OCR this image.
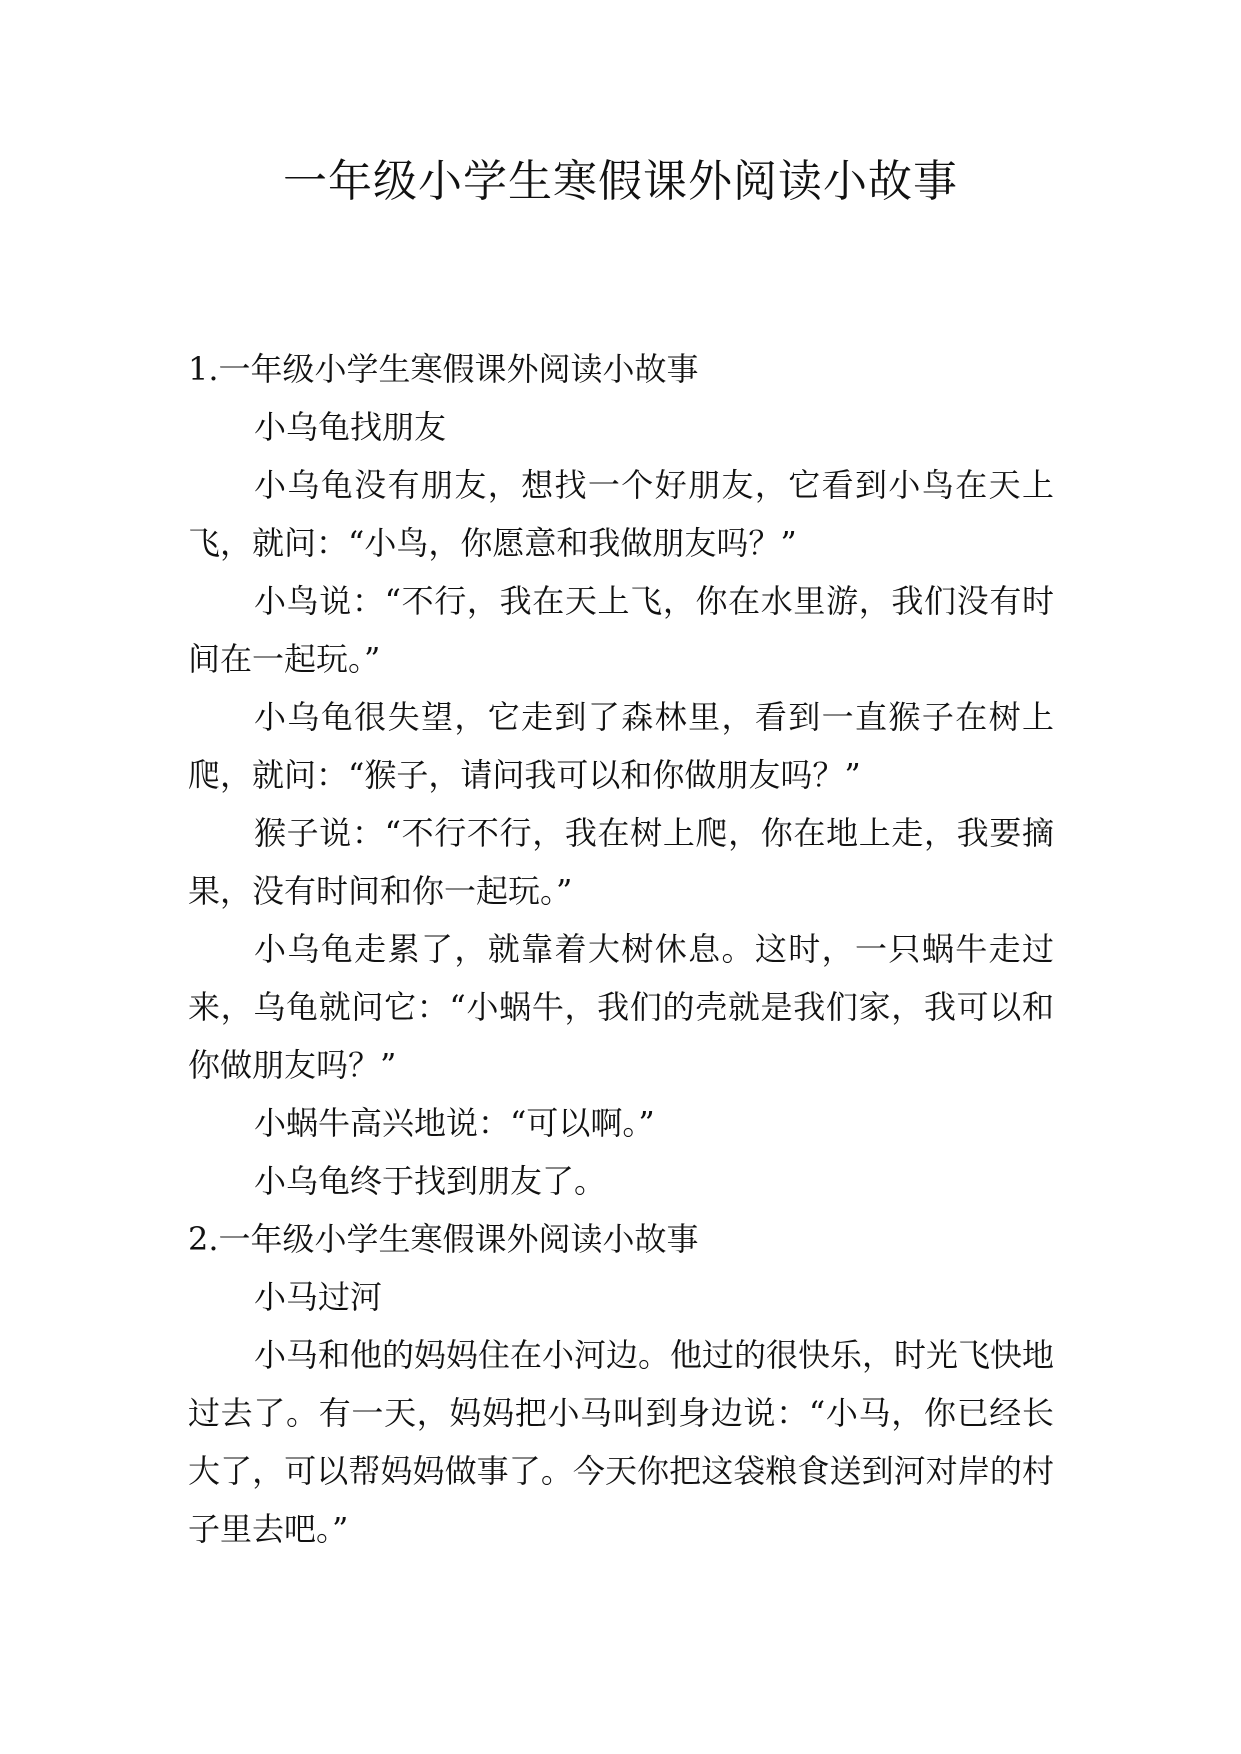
一年级小学生寒假课外阅读小故事

1.一年级小学生寒假课外阅读小故事

小乌龟找朋友

小乌龟没有朋友，想找一个好朋友，它看到小鸟在天上飞，就问：“小鸟，你愿意和我做朋友吗？”

小鸟说：“不行，我在天上飞，你在水里游，我们没有时间在一起玩。”

小乌龟很失望，它走到了森林里，看到一直猴子在树上爬，就问：“猴子，请问我可以和你做朋友吗？”

猴子说：“不行不行，我在树上爬，你在地上走，我要摘果，没有时间和你一起玩。”

小乌龟走累了，就靠着大树休息。这时，一只蜗牛走过来，乌龟就问它：“小蜗牛，我们的壳就是我们家，我可以和你做朋友吗？”

小蜗牛高兴地说：“可以啊。”

小乌龟终于找到朋友了。

2.一年级小学生寒假课外阅读小故事

小马过河

小马和他的妈妈住在小河边。他过的很快乐，时光飞快地过去了。有一天，妈妈把小马叫到身边说：“小马，你已经长大了，可以帮妈妈做事了。今天你把这袋粮食送到河对岸的村子里去吧。”
